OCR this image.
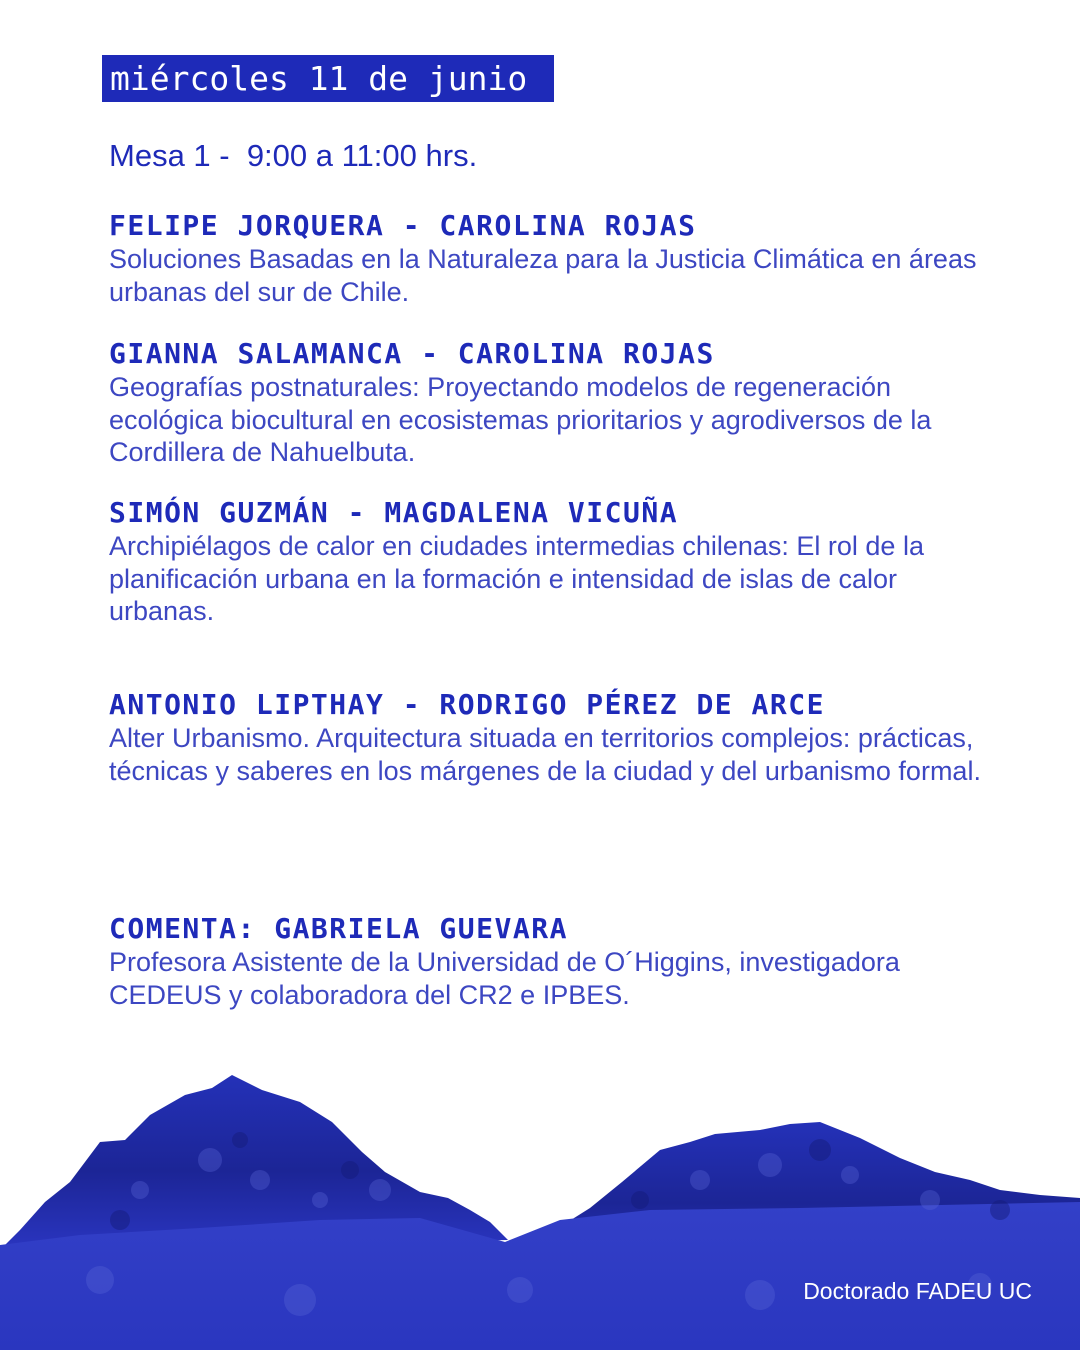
miércoles 11 de junio
Mesa 1 -  9:00 a 11:00 hrs.
FELIPE JORQUERA - CAROLINA ROJAS
Soluciones Basadas en la Naturaleza para la Justicia Climática en áreas urbanas del sur de Chile.
GIANNA SALAMANCA - CAROLINA ROJAS
Geografías postnaturales: Proyectando modelos de regeneración ecológica biocultural en ecosistemas prioritarios y agrodiversos de la Cordillera de Nahuelbuta.
SIMÓN GUZMÁN - MAGDALENA VICUÑA
Archipiélagos de calor en ciudades intermedias chilenas: El rol de la planificación urbana en la formación e intensidad de islas de calor urbanas.
ANTONIO LIPTHAY - RODRIGO PÉREZ DE ARCE
Alter Urbanismo. Arquitectura situada en territorios complejos: prácticas, técnicas y saberes en los márgenes de la ciudad y del urbanismo formal.
COMENTA: GABRIELA GUEVARA
Profesora Asistente de la Universidad de O´Higgins, investigadora CEDEUS y colaboradora del CR2 e IPBES.
Doctorado FADEU UC
